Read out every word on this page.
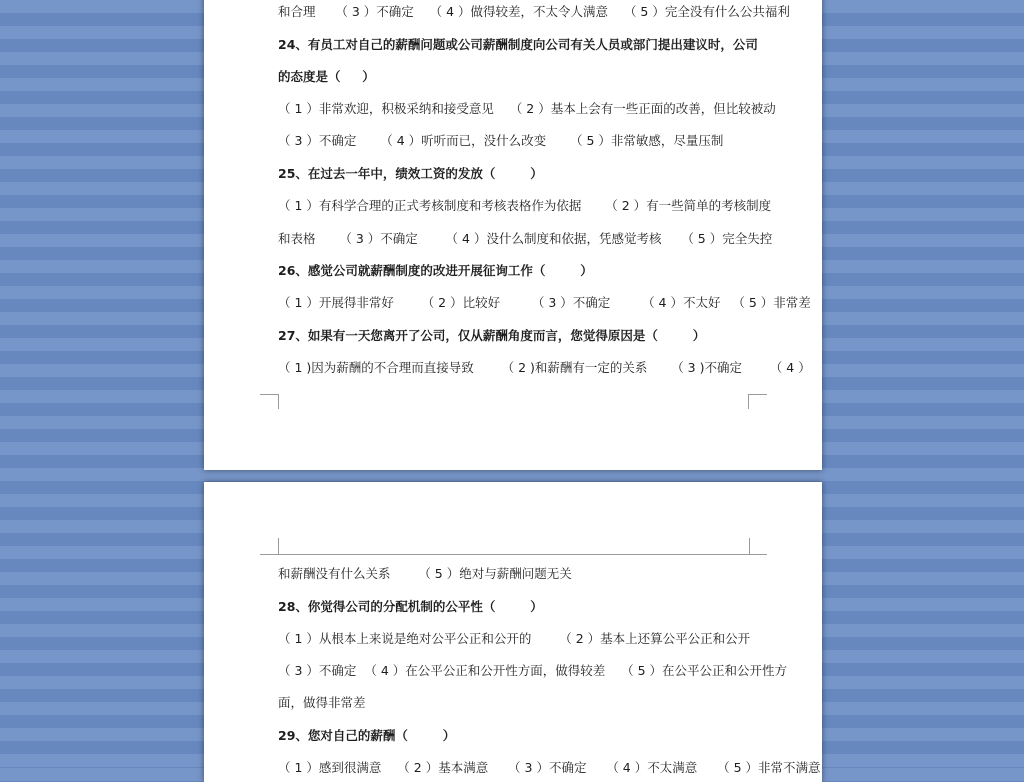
和合理     （ 3 ）不确定    （ 4 ）做得较差，不太令人满意    （ 5 ）完全没有什么公共福利
24、有员工对自己的薪酬问题或公司薪酬制度向公司有关人员或部门提出建议时，公司
的态度是（     ）
（ 1 ）非常欢迎，积极采纳和接受意见    （ 2 ）基本上会有一些正面的改善，但比较被动
（ 3 ）不确定      （ 4 ）听听而已，没什么改变      （ 5 ）非常敏感，尽量压制
25、在过去一年中，绩效工资的发放（        ）
（ 1 ）有科学合理的正式考核制度和考核表格作为依据      （ 2 ）有一些简单的考核制度
和表格      （ 3 ）不确定       （ 4 ）没什么制度和依据，凭感觉考核     （ 5 ）完全失控
26、感觉公司就薪酬制度的改进开展征询工作（        ）
（ 1 ）开展得非常好       （ 2 ）比较好        （ 3 ）不确定        （ 4 ）不太好   （ 5 ）非常差
27、如果有一天您离开了公司，仅从薪酬角度而言，您觉得原因是（        ）
（ 1 )因为薪酬的不合理而直接导致       （ 2 )和薪酬有一定的关系      （ 3 )不确定       （ 4 ）
和薪酬没有什么关系       （ 5 ）绝对与薪酬问题无关
28、你觉得公司的分配机制的公平性（        ）
（ 1 ）从根本上来说是绝对公平公正和公开的       （ 2 ）基本上还算公平公正和公开
（ 3 ）不确定  （ 4 ）在公平公正和公开性方面，做得较差    （ 5 ）在公平公正和公开性方
面，做得非常差
29、您对自己的薪酬（        ）
（ 1 ）感到很满意    （ 2 ）基本满意     （ 3 ）不确定     （ 4 ）不太满意     （ 5 ）非常不满意
